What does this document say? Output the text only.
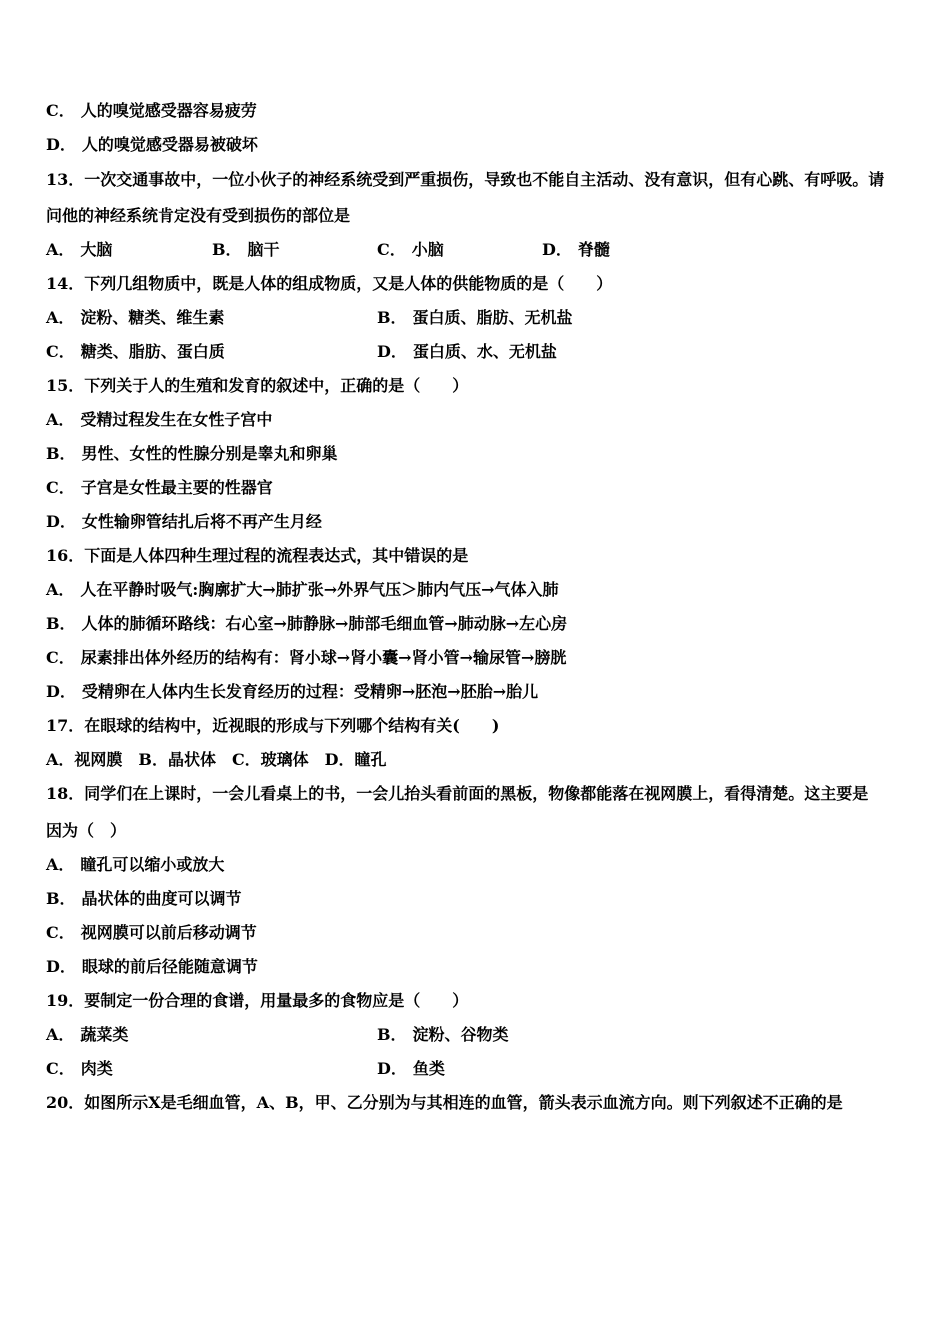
C． 人的嗅觉感受器容易疲劳
D． 人的嗅觉感受器易被破坏
13．一次交通事故中，一位小伙子的神经系统受到严重损伤，导致也不能自主活动、没有意识，但有心跳、有呼吸。请
问他的神经系统肯定没有受到损伤的部位是
A． 大脑	B． 脑干	C． 小脑	D． 脊髓
14．下列几组物质中，既是人体的组成物质，又是人体的供能物质的是（　　）
A． 淀粉、糖类、维生素	B． 蛋白质、脂肪、无机盐
C． 糖类、脂肪、蛋白质	D． 蛋白质、水、无机盐
15．下列关于人的生殖和发育的叙述中，正确的是（　　）
A． 受精过程发生在女性子宫中
B． 男性、女性的性腺分别是睾丸和卵巢
C． 子宫是女性最主要的性器官
D． 女性输卵管结扎后将不再产生月经
16．下面是人体四种生理过程的流程表达式，其中错误的是
A． 人在平静时吸气:胸廓扩大→肺扩张→外界气压＞肺内气压→气体入肺
B． 人体的肺循环路线：右心室→肺静脉→肺部毛细血管→肺动脉→左心房
C． 尿素排出体外经历的结构有：肾小球→肾小囊→肾小管→输尿管→膀胱
D． 受精卵在人体内生长发育经历的过程：受精卵→胚泡→胚胎→胎儿
17．在眼球的结构中，近视眼的形成与下列哪个结构有关(　　)
A．视网膜　B．晶状体　C．玻璃体　D．瞳孔
18．同学们在上课时，一会儿看桌上的书，一会儿抬头看前面的黑板，物像都能落在视网膜上，看得清楚。这主要是
因为（　）
A． 瞳孔可以缩小或放大
B． 晶状体的曲度可以调节
C． 视网膜可以前后移动调节
D． 眼球的前后径能随意调节
19．要制定一份合理的食谱，用量最多的食物应是（　　）
A． 蔬菜类	B． 淀粉、谷物类
C． 肉类	D． 鱼类
20．如图所示X是毛细血管，A、B，甲、乙分别为与其相连的血管，箭头表示血流方向。则下列叙述不正确的是
